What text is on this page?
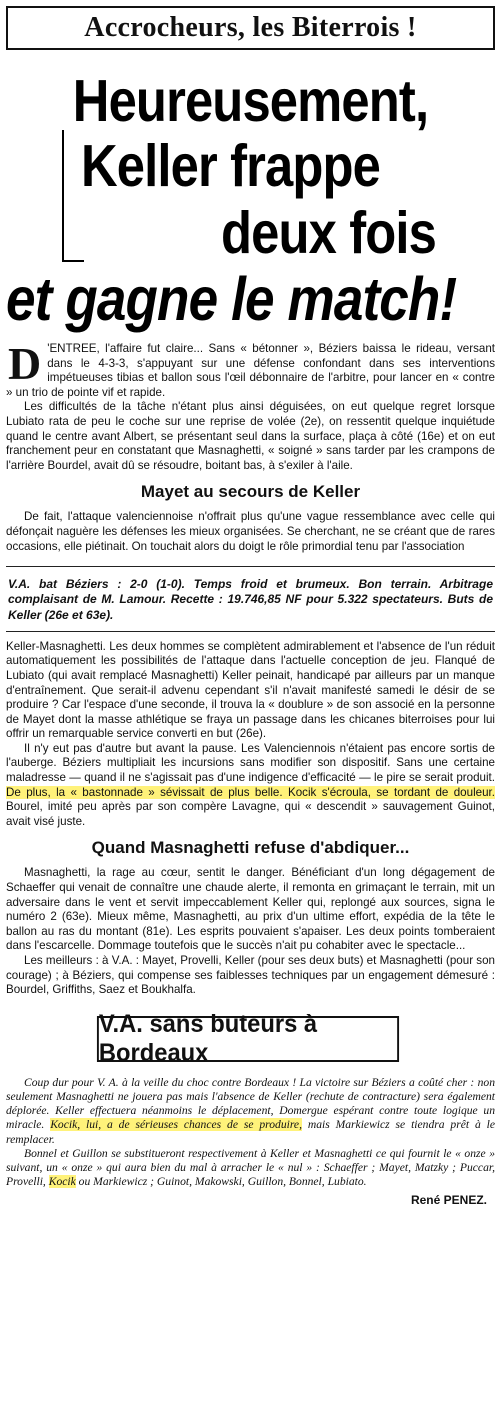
Accrocheurs, les Biterrois !
Heureusement,
Keller frappe
deux fois
et gagne le match!
D 'ENTREE, l'affaire fut claire... Sans « bétonner », Béziers baissa le rideau, versant dans le 4-3-3, s'appuyant sur une défense confondant dans ses interventions impétueuses tibias et ballon sous l'œil débonnaire de l'arbitre, pour lancer en « contre » un trio de pointe vif et rapide.

Les difficultés de la tâche n'étant plus ainsi déguisées, on eut quelque regret lorsque Lubiato rata de peu le coche sur une reprise de volée (2e), on ressentit quelque inquiétude quand le centre avant Albert, se présentant seul dans la surface, plaça à côté (16e) et on eut franchement peur en constatant que Masnaghetti, « soigné » sans tarder par les crampons de l'arrière Bourdel, avait dû se résoudre, boitant bas, à s'exiler à l'aile.

Mayet au secours de Keller

De fait, l'attaque valenciennoise n'offrait plus qu'une vague ressemblance avec celle qui défonçait naguère les défenses les mieux organisées. Se cherchant, ne se créant que de rares occasions, elle piétinait. On touchait alors du doigt le rôle primordial tenu par l'association

V.A. bat Béziers : 2-0 (1-0). Temps froid et brumeux. Bon terrain. Arbitrage complaisant de M. Lamour. Recette : 19.746,85 NF pour 5.322 spectateurs. Buts de Keller (26e et 63e).

Keller-Masnaghetti. Les deux hommes se complètent admirablement et l'absence de l'un réduit automatiquement les possibilités de l'attaque dans l'actuelle conception de jeu. Flanqué de Lubiato (qui avait remplacé Masnaghetti) Keller peinait, handicapé par ailleurs par un manque d'entraînement. Que serait-il advenu cependant s'il n'avait manifesté samedi le désir de se produire ? Car l'espace d'une seconde, il trouva la « doublure » de son associé en la personne de Mayet dont la masse athlétique se fraya un passage dans les chicanes biterroises pour lui offrir un remarquable service converti en but (26e).

Il n'y eut pas d'autre but avant la pause. Les Valenciennois n'étaient pas encore sortis de l'auberge. Béziers multipliait les incursions sans modifier son dispositif. Sans une certaine maladresse — quand il ne s'agissait pas d'une indigence d'efficacité — le pire se serait produit. De plus, la « bastonnade » sévissait de plus belle. Kocik s'écroula, se tordant de douleur. Bourel, imité peu après par son compère Lavagne, qui « descendit » sauvagement Guinot, avait visé juste.

Quand Masnaghetti refuse d'abdiquer...

Masnaghetti, la rage au cœur, sentit le danger. Bénéficiant d'un long dégagement de Schaeffer qui venait de connaître une chaude alerte, il remonta en grimaçant le terrain, mit un adversaire dans le vent et servit impeccablement Keller qui, replongé aux sources, signa le numéro 2 (63e). Mieux même, Masnaghetti, au prix d'un ultime effort, expédia de la tête le ballon au ras du montant (81e). Les esprits pouvaient s'apaiser. Les deux points tomberaient dans l'escarcelle. Dommage toutefois que le succès n'ait pu cohabiter avec le spectacle...

Les meilleurs : à V.A. : Mayet, Provelli, Keller (pour ses deux buts) et Masnaghetti (pour son courage) ; à Béziers, qui compense ses faiblesses techniques par un engagement démesuré : Bourdel, Griffiths, Saez et Boukhalfa.

V.A. sans buteurs à Bordeaux

Coup dur pour V. A. à la veille du choc contre Bordeaux ! La victoire sur Béziers a coûté cher : non seulement Masnaghetti ne jouera pas mais l'absence de Keller (rechute de contracture) sera également déplorée. Keller effectuera néanmoins le déplacement, Domergue espérant contre toute logique un miracle. Kocik, lui, a de sérieuses chances de se produire, mais Markiewicz se tiendra prêt à le remplacer.

Bonnel et Guillon se substitueront respectivement à Keller et Masnaghetti ce qui fournit le « onze » suivant, un « onze » qui aura bien du mal à arracher le « nul » : Schaeffer ; Mayet, Matzky ; Puccar, Provelli, Kocik ou Markiewicz ; Guinot, Makowski, Guillon, Bonnel, Lubiato.

René PENEZ.
